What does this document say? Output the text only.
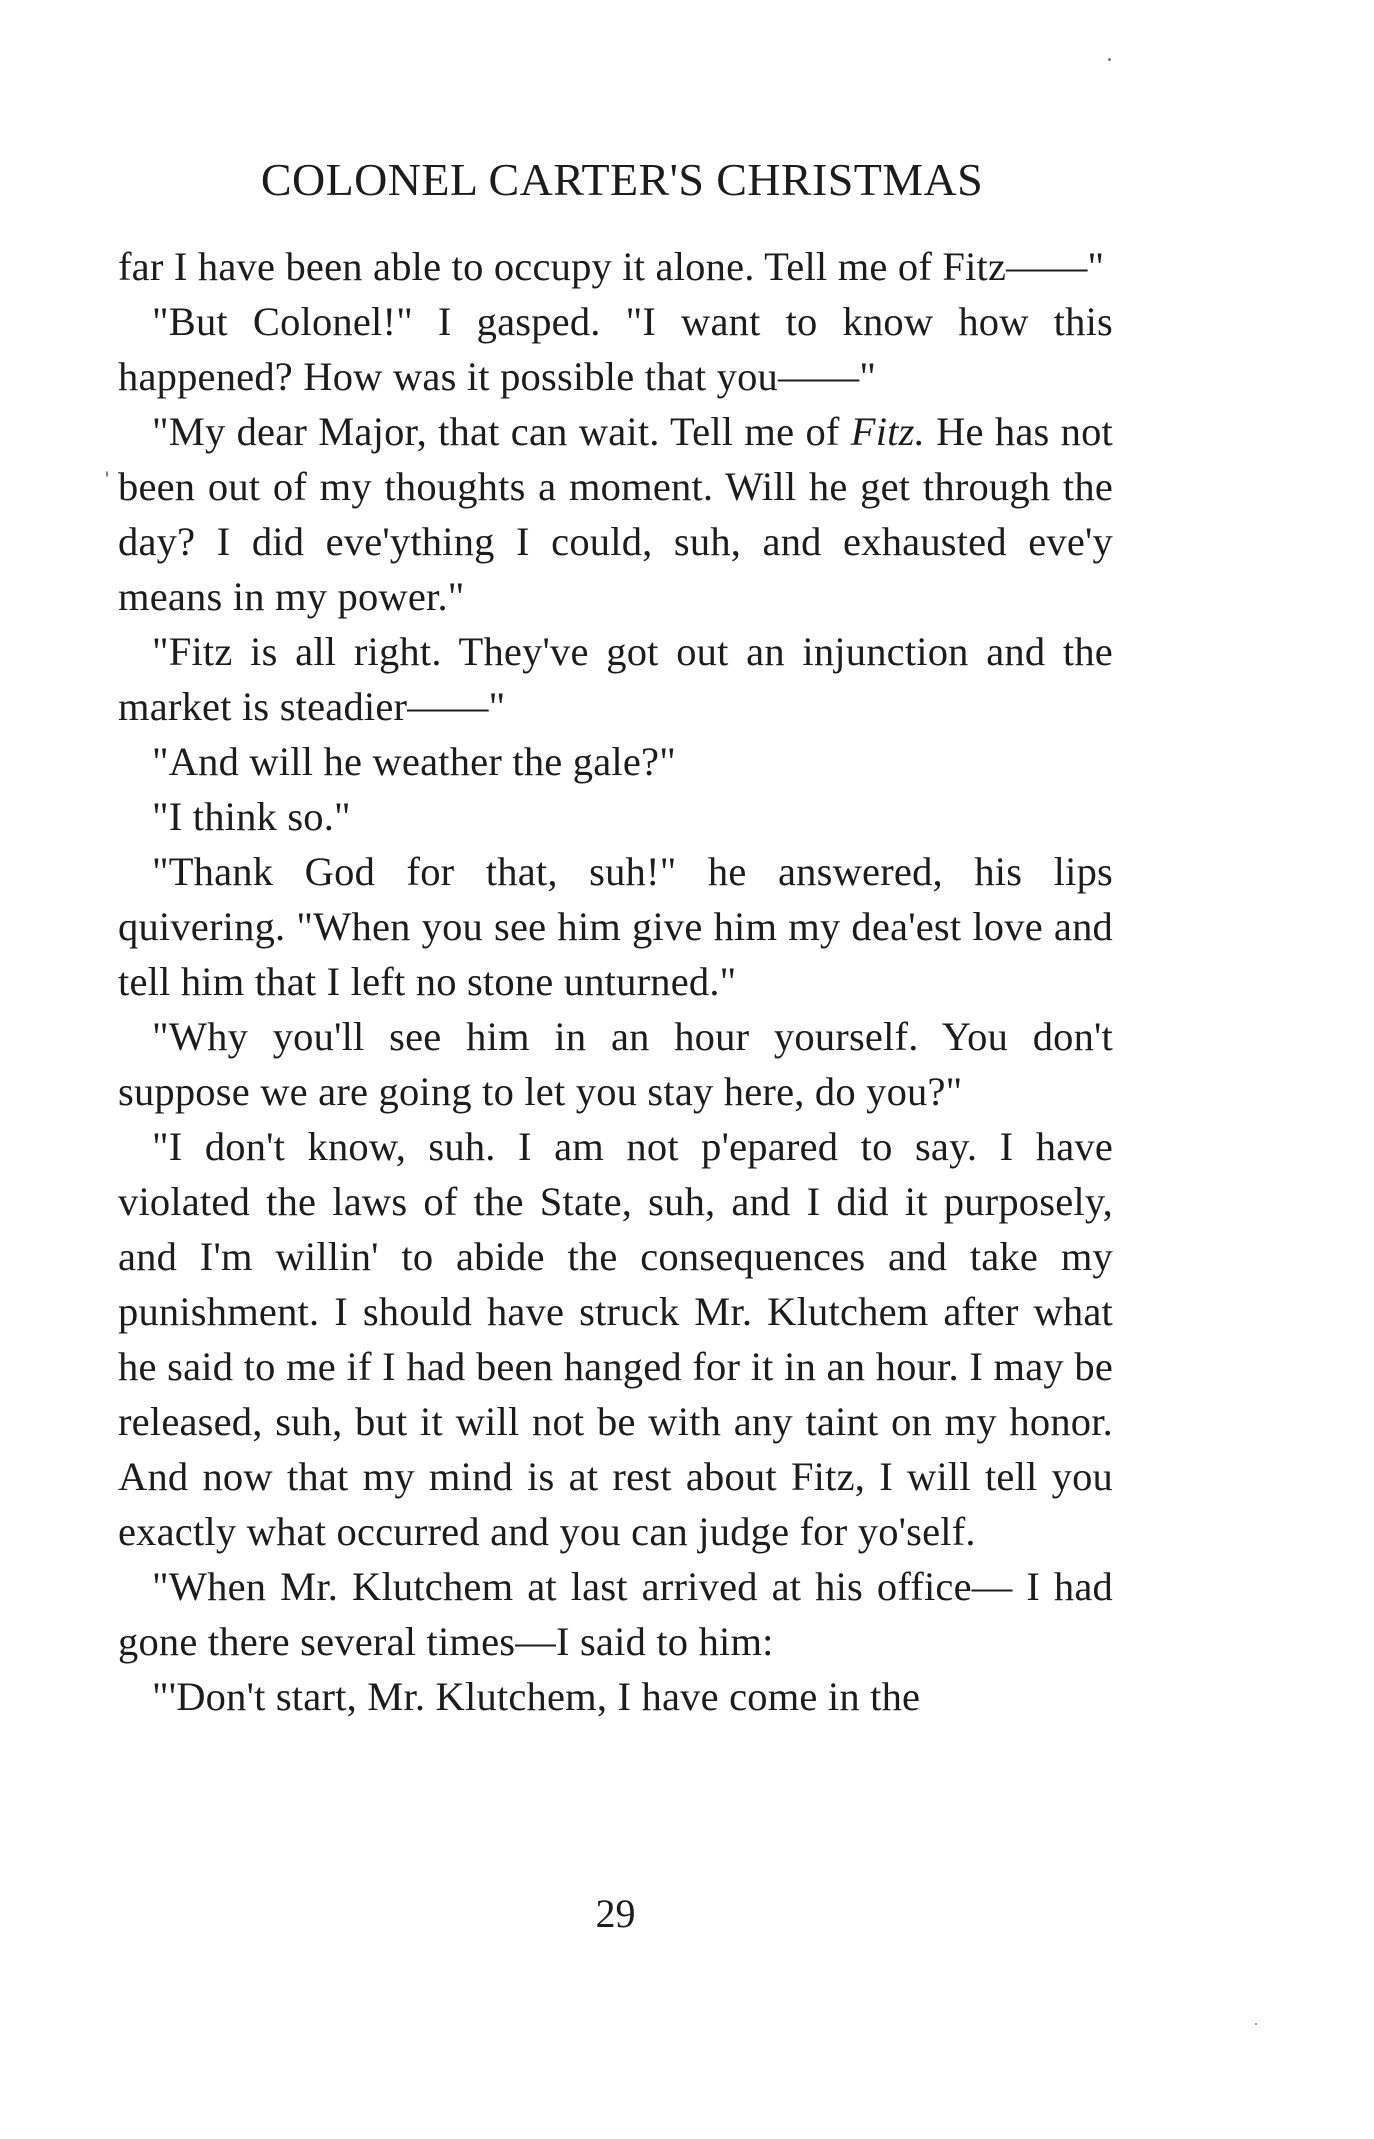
COLONEL CARTER'S CHRISTMAS

far I have been able to occupy it alone. Tell me of Fitz——"

"But Colonel!" I gasped. "I want to know how this happened? How was it possible that you——"

"My dear Major, that can wait. Tell me of Fitz. He has not been out of my thoughts a moment. Will he get through the day? I did eve'ything I could, suh, and exhausted eve'y means in my power."

"Fitz is all right. They've got out an injunction and the market is steadier——"

"And will he weather the gale?"

"I think so."

"Thank God for that, suh!" he answered, his lips quivering. "When you see him give him my dea'est love and tell him that I left no stone unturned."

"Why you'll see him in an hour yourself. You don't suppose we are going to let you stay here, do you?"

"I don't know, suh. I am not p'epared to say. I have violated the laws of the State, suh, and I did it purposely, and I'm willin' to abide the consequences and take my punishment. I should have struck Mr. Klutchem after what he said to me if I had been hanged for it in an hour. I may be released, suh, but it will not be with any taint on my honor. And now that my mind is at rest about Fitz, I will tell you exactly what occurred and you can judge for yo'self.

"When Mr. Klutchem at last arrived at his office— I had gone there several times—I said to him:

"'Don't start, Mr. Klutchem, I have come in the

29
